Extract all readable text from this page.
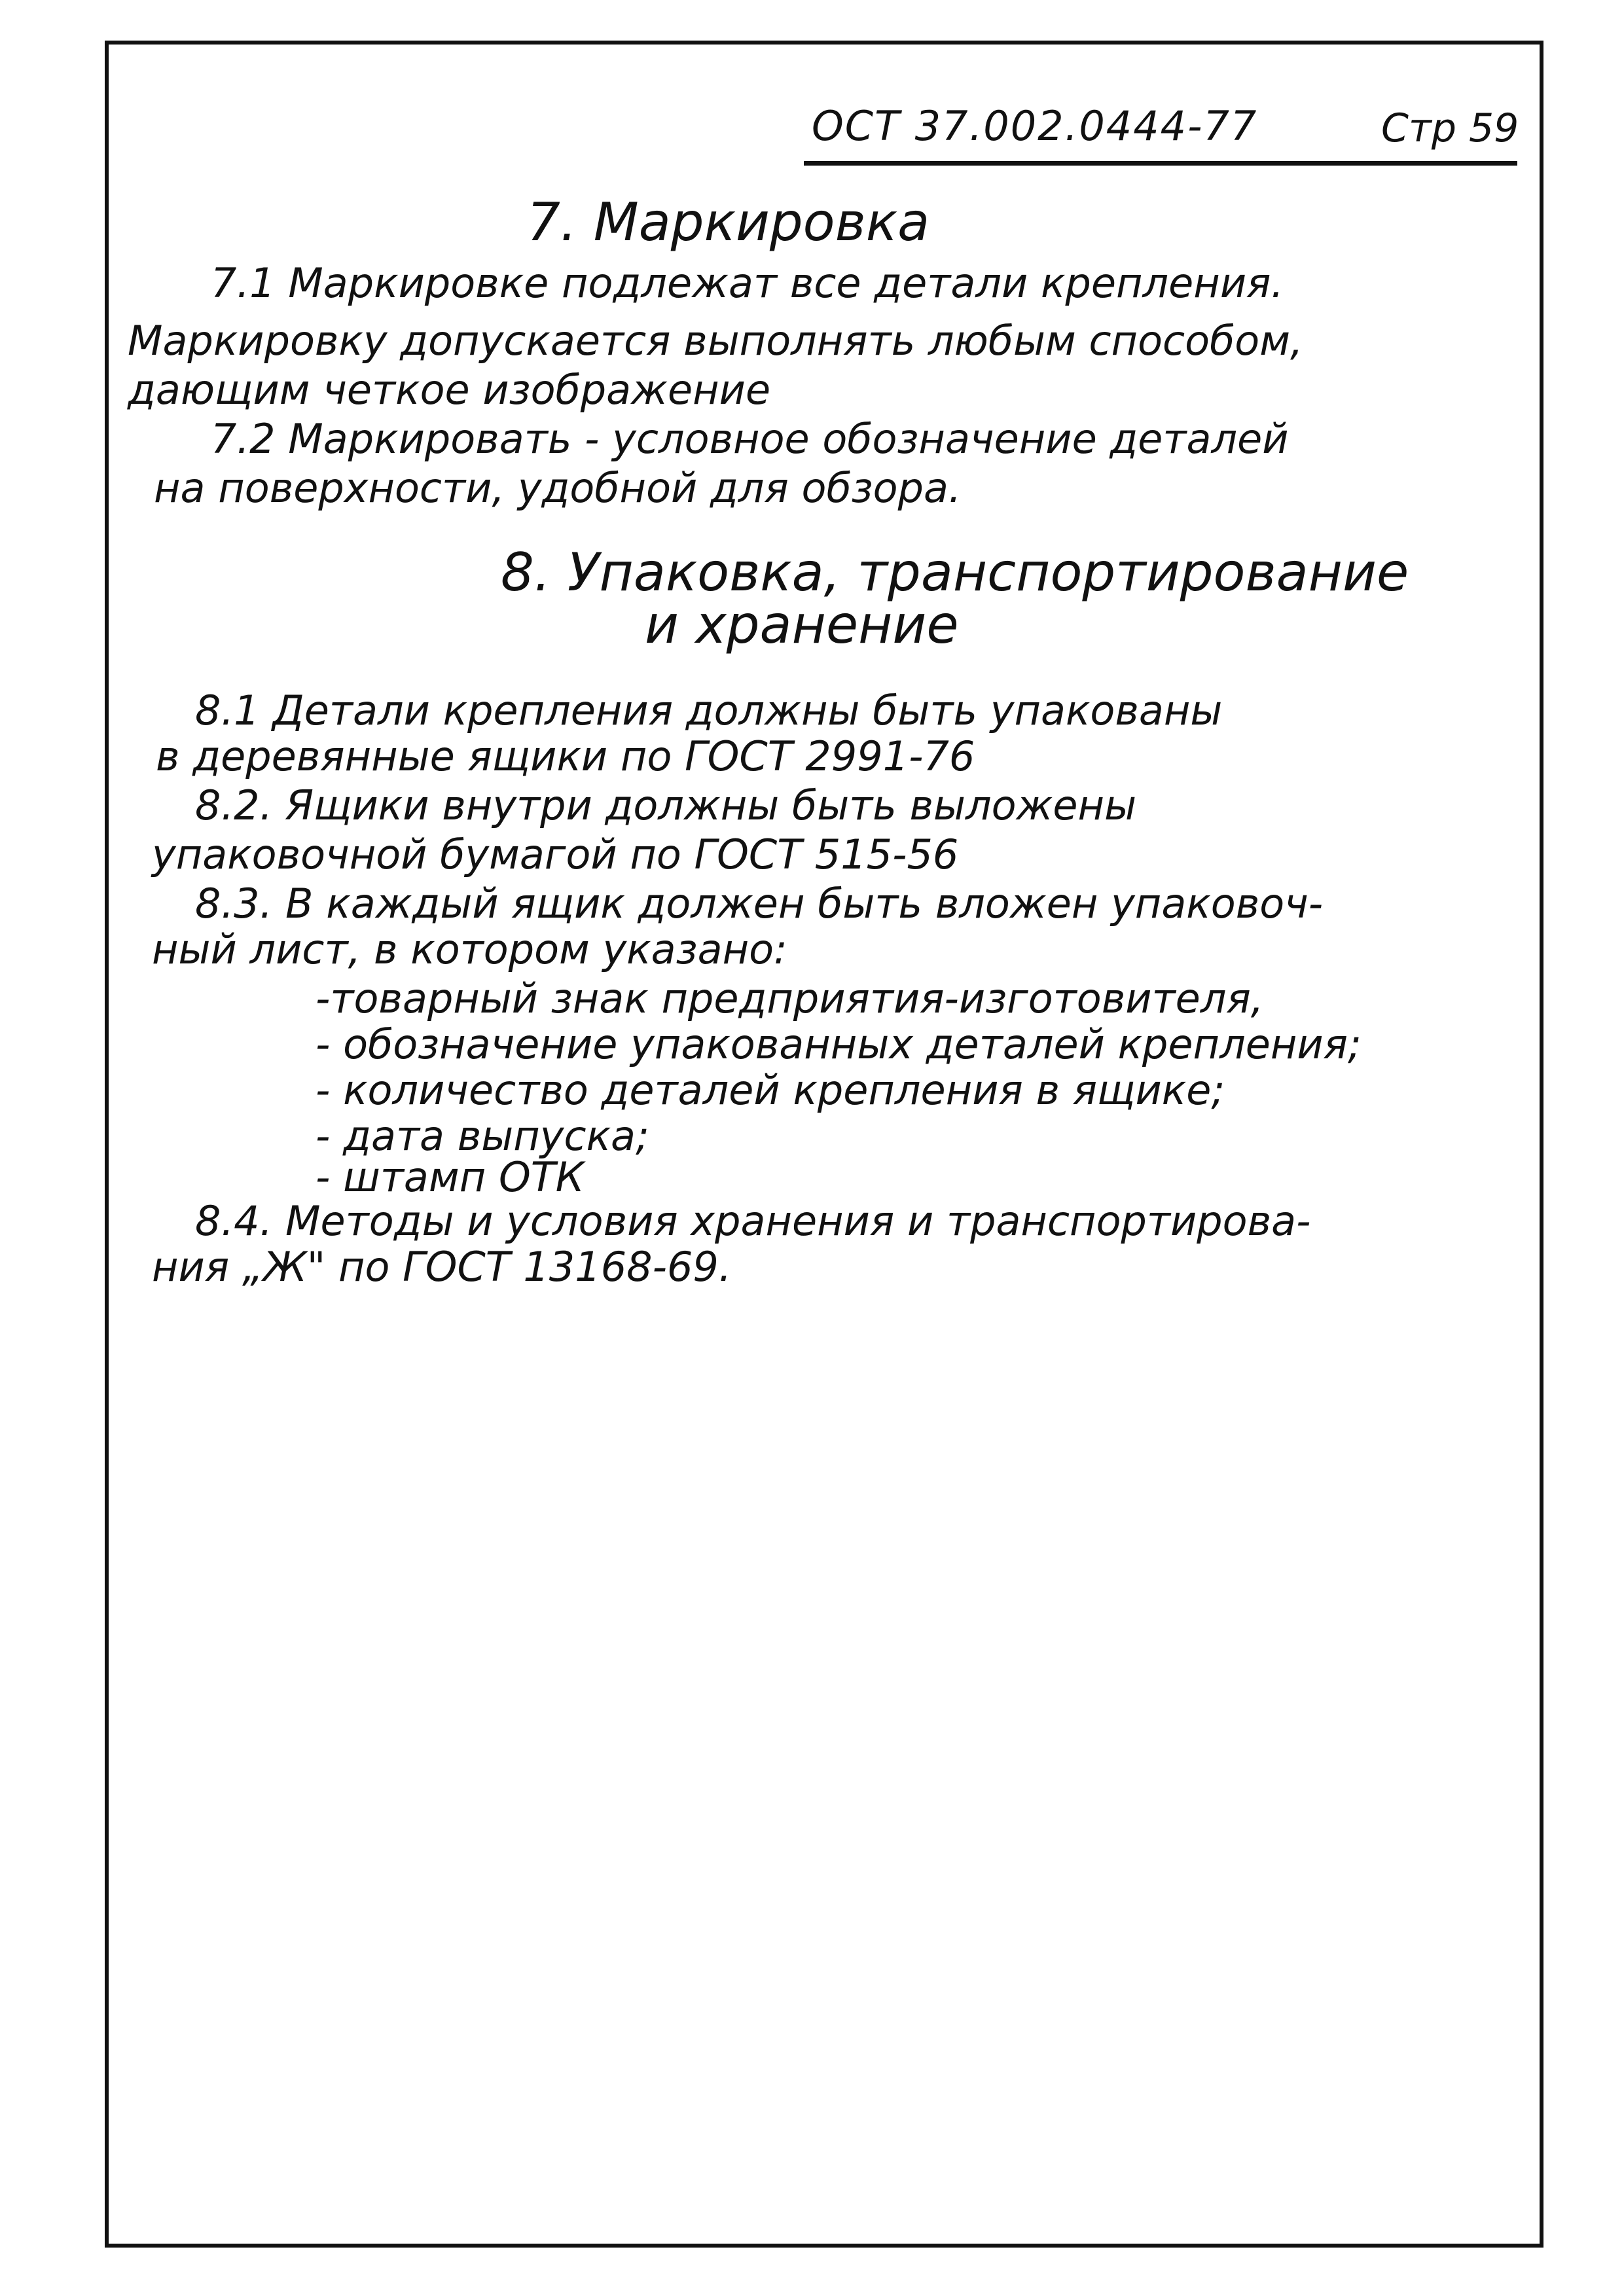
ОСТ 37.002.0444-77	Стр 59
7. Маркировка
7.1 Маркировке подлежат все детали крепления.
Маркировку допускается выполнять любым способом,
дающим четкое изображение
7.2 Маркировать - условное обозначение деталей
на поверхности, удобной для обзора.
8. Упаковка, транспортирование
и хранение
8.1 Детали крепления должны быть упакованы
в деревянные ящики по ГОСТ 2991-76
8.2. Ящики внутри должны быть выложены
упаковочной бумагой по ГОСТ 515-56
8.3. В каждый ящик должен быть вложен упаковоч-
ный лист, в котором указано:
-товарный знак предприятия-изготовителя,
- обозначение упакованных деталей крепления;
- количество деталей крепления в ящике;
- дата выпуска;
- штамп ОТК
8.4. Методы и условия хранения и транспортирова-
ния „Ж" по ГОСТ 13168-69.
